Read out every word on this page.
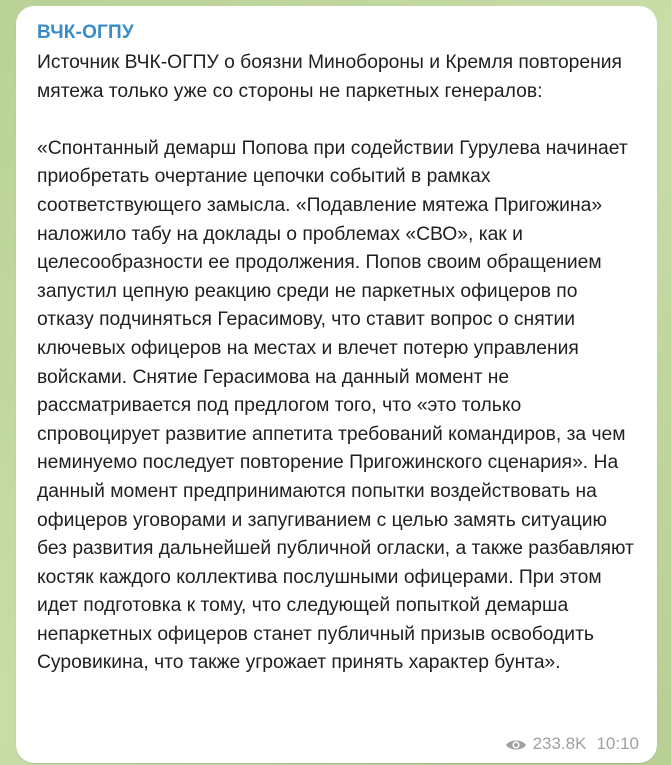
ВЧК-ОГПУ

Источник ВЧК-ОГПУ о боязни Минобороны и Кремля повторения мятежа только уже со стороны не паркетных генералов:

«Спонтанный демарш Попова при содействии Гурулева начинает приобретать очертание цепочки событий в рамках соответствующего замысла. «Подавление мятежа Пригожина» наложило табу на доклады о проблемах «СВО», как и целесообразности ее продолжения. Попов своим обращением запустил цепную реакцию среди не паркетных офицеров по отказу подчиняться Герасимову, что ставит вопрос о снятии ключевых офицеров на местах и влечет потерю управления войсками. Снятие Герасимова на данный момент не рассматривается под предлогом того, что «это только спровоцирует развитие аппетита требований командиров, за чем неминуемо последует повторение Пригожинского сценария». На данный момент предпринимаются попытки воздействовать на офицеров уговорами и запугиванием с целью замять ситуацию без развития дальнейшей публичной огласки, а также разбавляют костяк каждого коллектива послушными офицерами. При этом идет подготовка к тому, что следующей попыткой демарша непаркетных офицеров станет публичный призыв освободить Суровикина, что также угрожает принять характер бунта».

233.8K 10:10
